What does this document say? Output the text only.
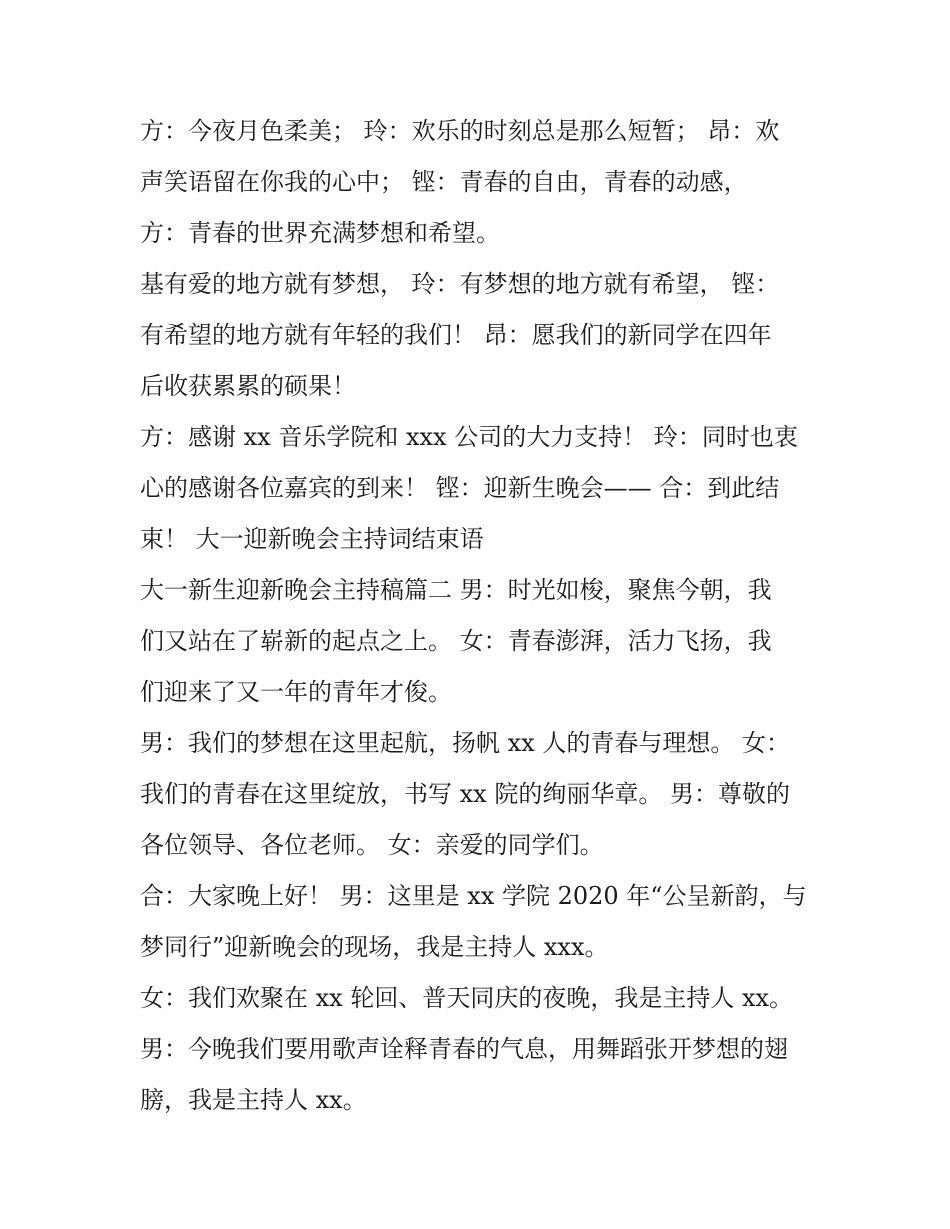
方：今夜月色柔美； 玲：欢乐的时刻总是那么短暂； 昂：欢
声笑语留在你我的心中； 铿：青春的自由，青春的动感，
方：青春的世界充满梦想和希望。
基有爱的地方就有梦想， 玲：有梦想的地方就有希望， 铿：
有希望的地方就有年轻的我们！ 昂：愿我们的新同学在四年
后收获累累的硕果！
方：感谢 xx 音乐学院和 xxx 公司的大力支持！ 玲：同时也衷
心的感谢各位嘉宾的到来！ 铿：迎新生晚会—— 合：到此结
束！ 大一迎新晚会主持词结束语
大一新生迎新晚会主持稿篇二 男：时光如梭，聚焦今朝，我
们又站在了崭新的起点之上。 女：青春澎湃，活力飞扬，我
们迎来了又一年的青年才俊。
男：我们的梦想在这里起航，扬帆 xx 人的青春与理想。 女：
我们的青春在这里绽放，书写 xx 院的绚丽华章。 男：尊敬的
各位领导、各位老师。 女：亲爱的同学们。
合：大家晚上好！ 男：这里是 xx 学院 2020 年“公呈新韵，与
梦同行”迎新晚会的现场，我是主持人 xxx。
女：我们欢聚在 xx 轮回、普天同庆的夜晚，我是主持人 xx。
男：今晚我们要用歌声诠释青春的气息，用舞蹈张开梦想的翅
膀，我是主持人 xx。
